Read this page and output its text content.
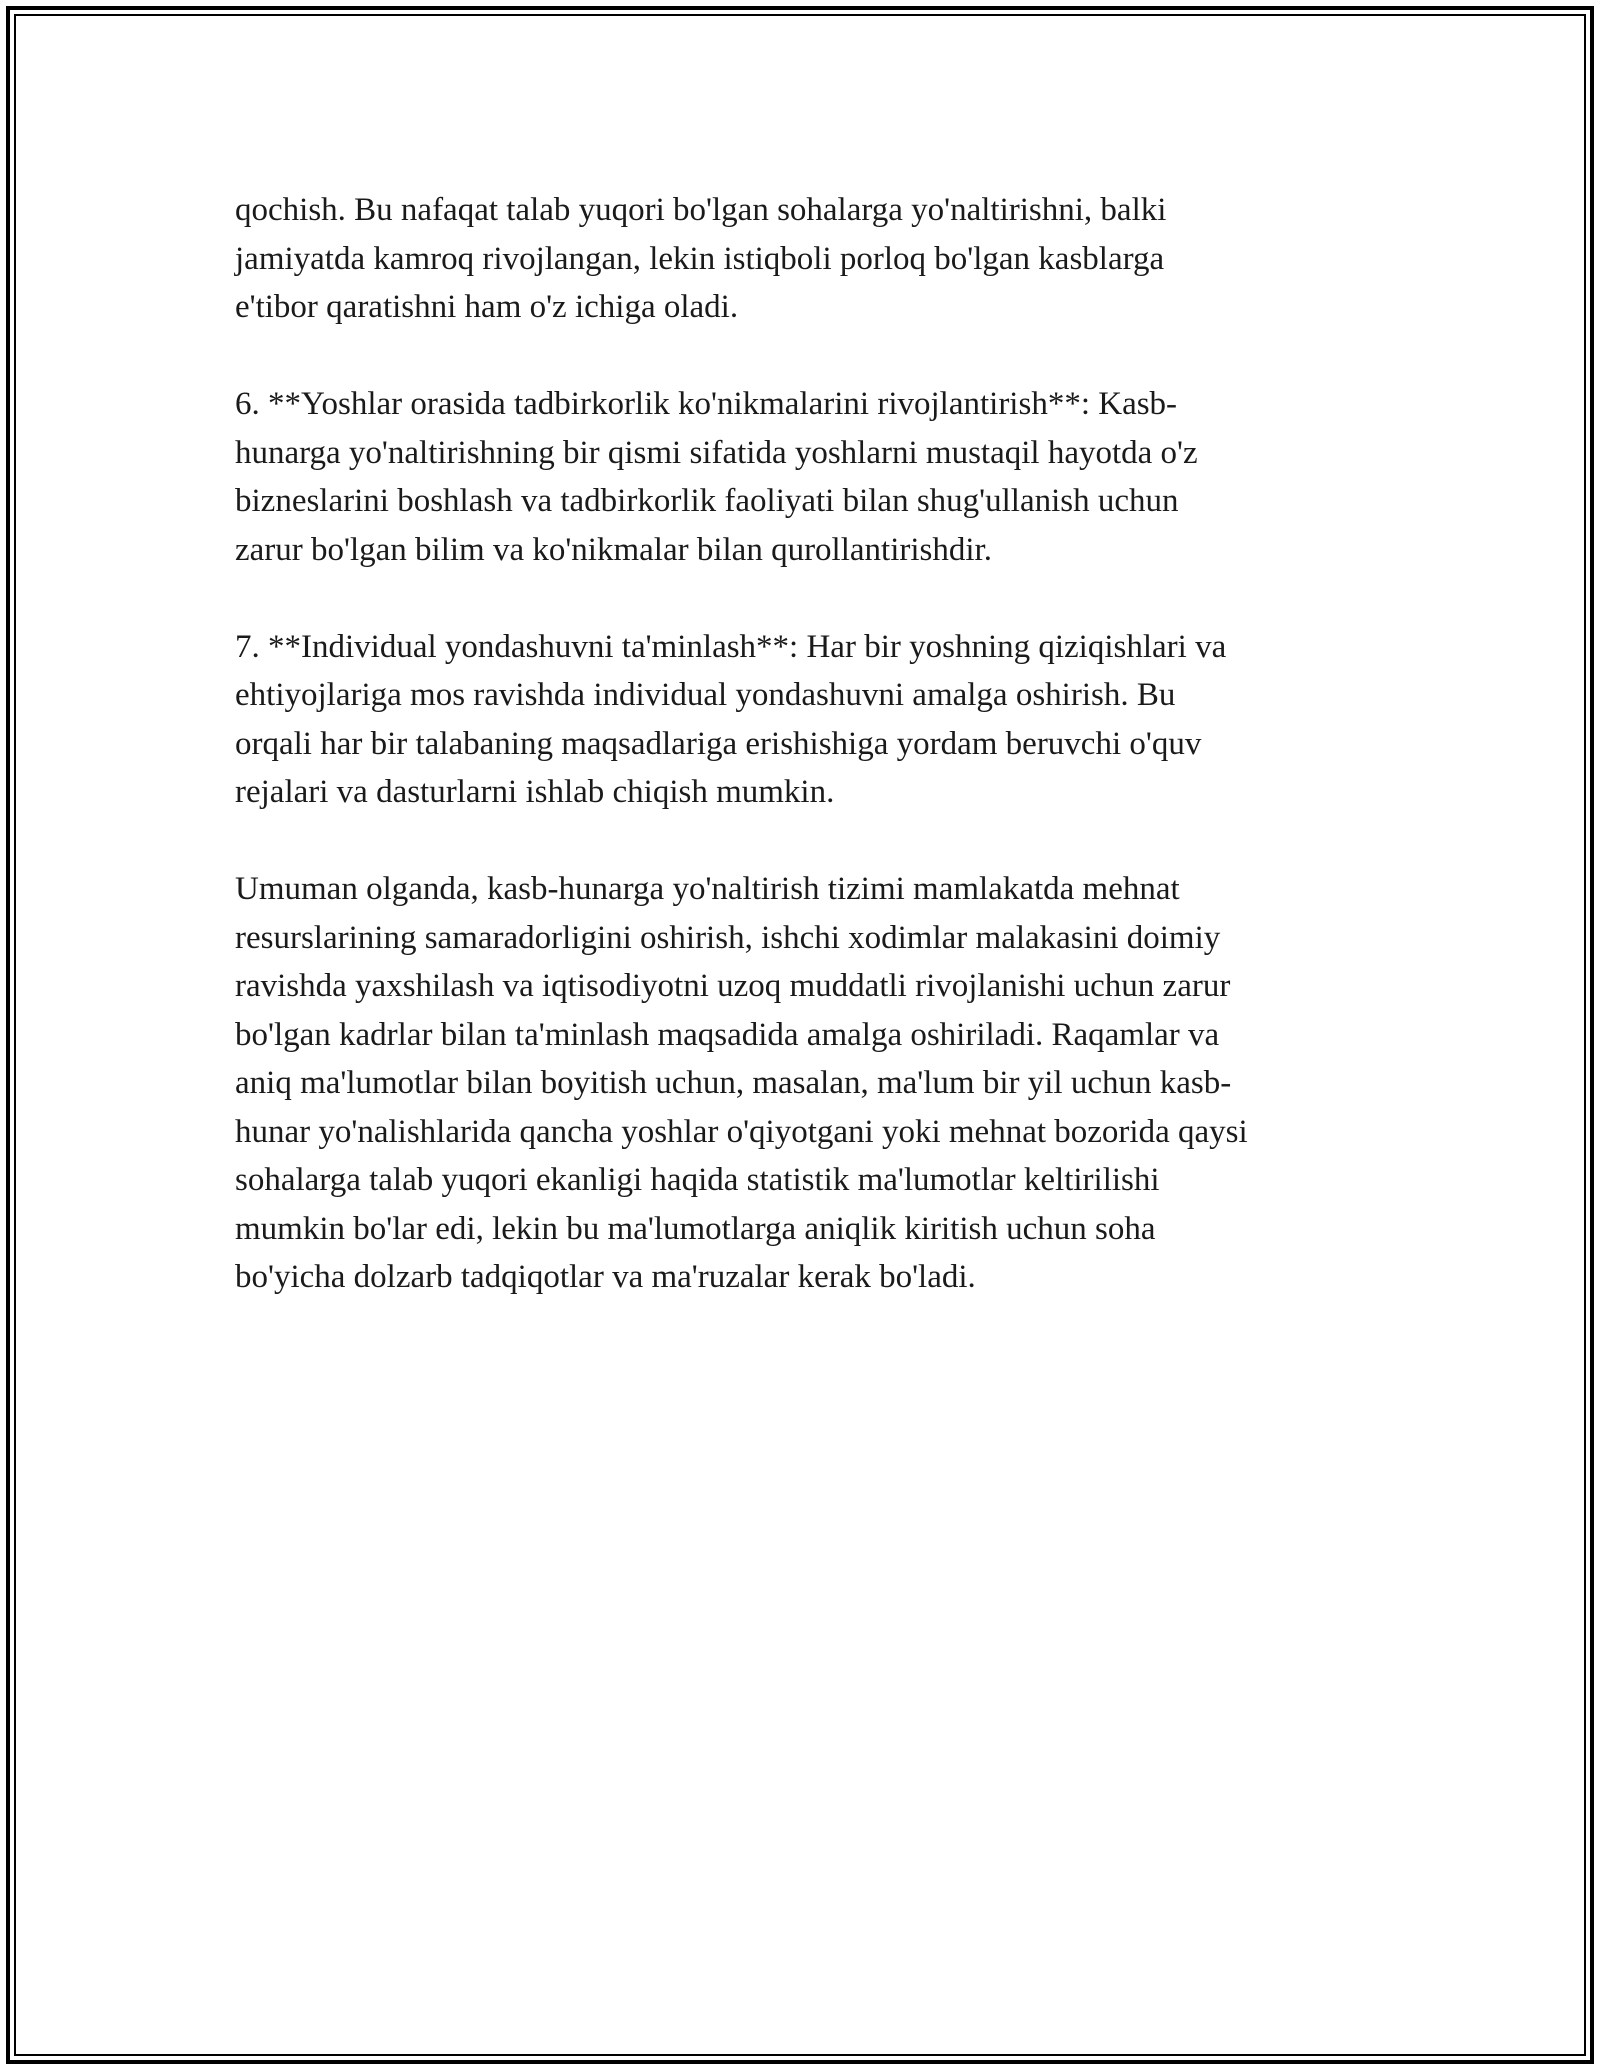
qochish. Bu nafaqat talab yuqori bo'lgan sohalarga yo'naltirishni, balki
jamiyatda kamroq rivojlangan, lekin istiqboli porloq bo'lgan kasblarga
e'tibor qaratishni ham o'z ichiga oladi.

6. **Yoshlar orasida tadbirkorlik ko'nikmalarini rivojlantirish**: Kasb-
hunarga yo'naltirishning bir qismi sifatida yoshlarni mustaqil hayotda o'z
bizneslarini boshlash va tadbirkorlik faoliyati bilan shug'ullanish uchun
zarur bo'lgan bilim va ko'nikmalar bilan qurollantirishdir.

7. **Individual yondashuvni ta'minlash**: Har bir yoshning qiziqishlari va
ehtiyojlariga mos ravishda individual yondashuvni amalga oshirish. Bu
orqali har bir talabaning maqsadlariga erishishiga yordam beruvchi o'quv
rejalari va dasturlarni ishlab chiqish mumkin.

Umuman olganda, kasb-hunarga yo'naltirish tizimi mamlakatda mehnat
resurslarining samaradorligini oshirish, ishchi xodimlar malakasini doimiy
ravishda yaxshilash va iqtisodiyotni uzoq muddatli rivojlanishi uchun zarur
bo'lgan kadrlar bilan ta'minlash maqsadida amalga oshiriladi. Raqamlar va
aniq ma'lumotlar bilan boyitish uchun, masalan, ma'lum bir yil uchun kasb-
hunar yo'nalishlarida qancha yoshlar o'qiyotgani yoki mehnat bozorida qaysi
sohalarga talab yuqori ekanligi haqida statistik ma'lumotlar keltirilishi
mumkin bo'lar edi, lekin bu ma'lumotlarga aniqlik kiritish uchun soha
bo'yicha dolzarb tadqiqotlar va ma'ruzalar kerak bo'ladi.
